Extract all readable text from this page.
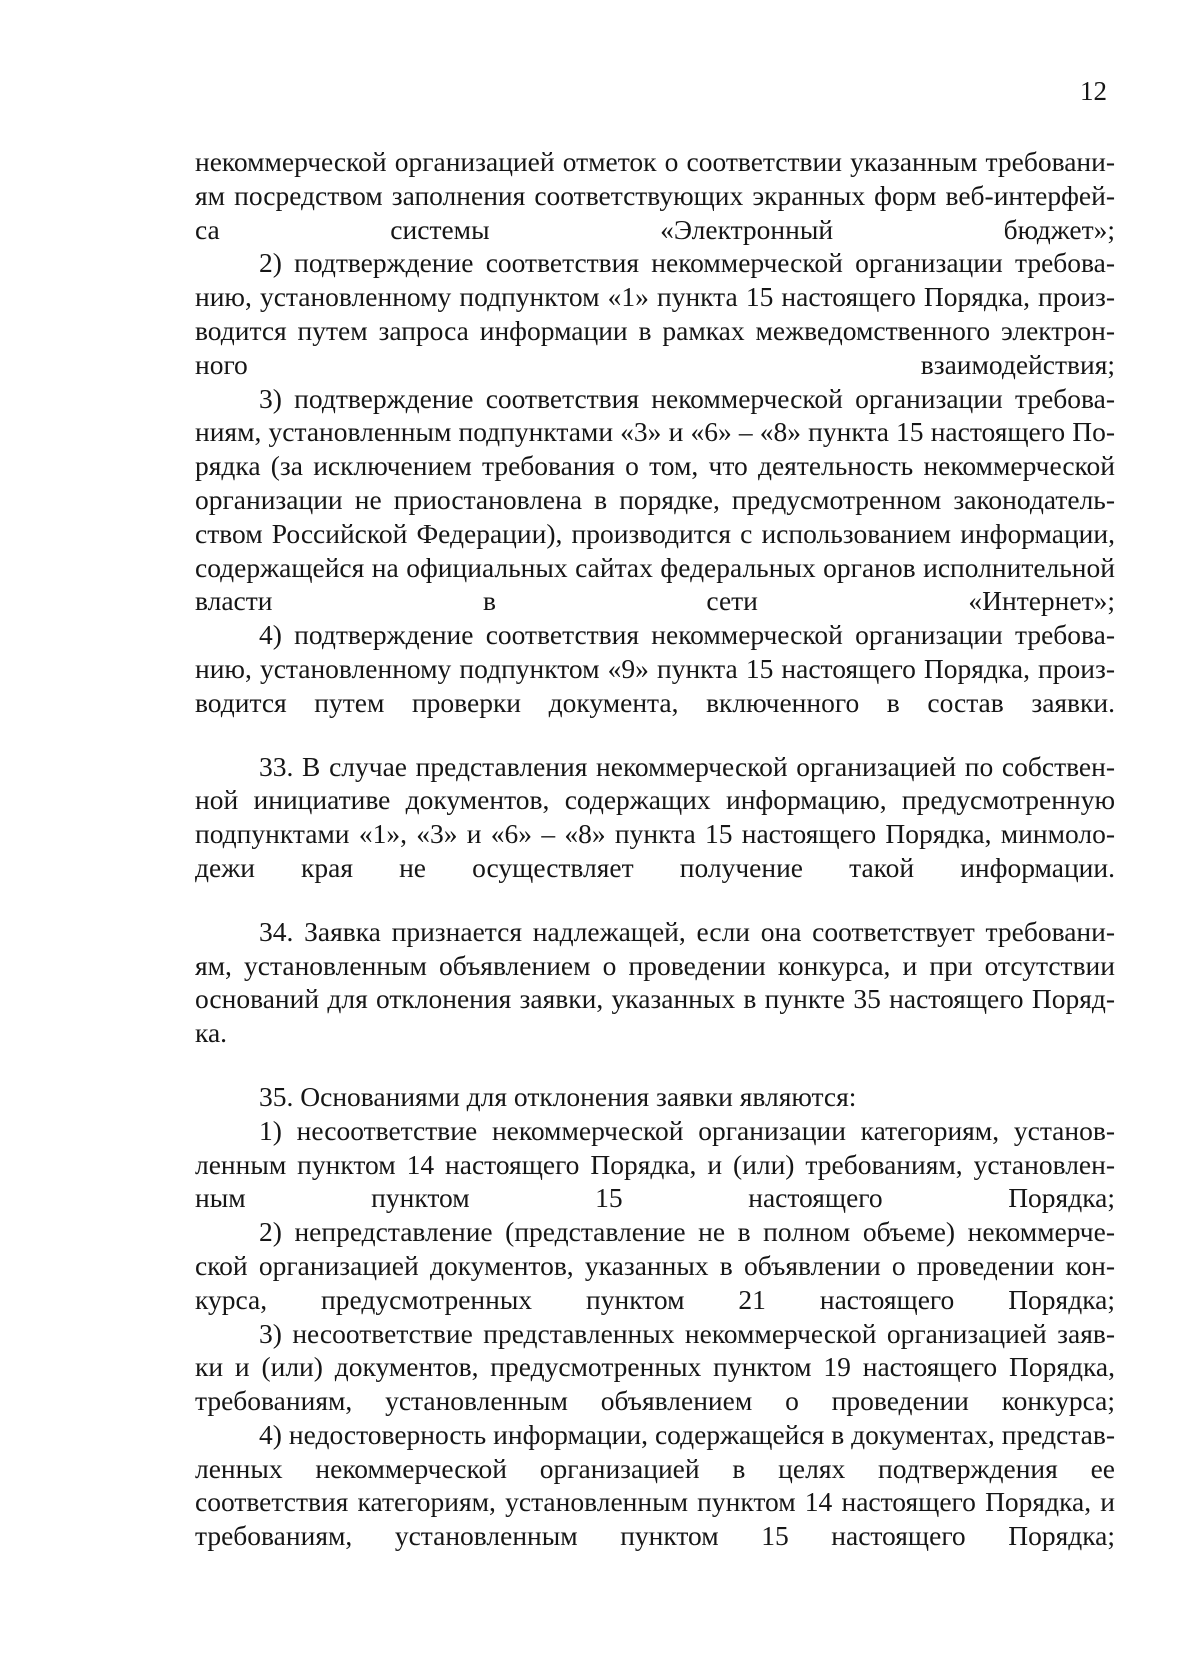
12

некоммерческой организацией отметок о соответствии указанным требовани- ям посредством заполнения соответствующих экранных форм веб-интерфей- са системы «Электронный бюджет»;

2) подтверждение соответствия некоммерческой организации требова- нию, установленному подпунктом «1» пункта 15 настоящего Порядка, произ- водится путем запроса информации в рамках межведомственного электрон- ного взаимодействия;

3) подтверждение соответствия некоммерческой организации требова- ниям, установленным подпунктами «3» и «6» – «8» пункта 15 настоящего По- рядка (за исключением требования о том, что деятельность некоммерческой организации не приостановлена в порядке, предусмотренном законодатель- ством Российской Федерации), производится с использованием информации, содержащейся на официальных сайтах федеральных органов исполнительной власти в сети «Интернет»;

4) подтверждение соответствия некоммерческой организации требова- нию, установленному подпунктом «9» пункта 15 настоящего Порядка, произ- водится путем проверки документа, включенного в состав заявки.

33. В случае представления некоммерческой организацией по собствен- ной инициативе документов, содержащих информацию, предусмотренную подпунктами «1», «3» и «6» – «8» пункта 15 настоящего Порядка, минмоло- дежи края не осуществляет получение такой информации.

34. Заявка признается надлежащей, если она соответствует требовани- ям, установленным объявлением о проведении конкурса, и при отсутствии оснований для отклонения заявки, указанных в пункте 35 настоящего Поряд- ка.

35. Основаниями для отклонения заявки являются:

1) несоответствие некоммерческой организации категориям, установ- ленным пунктом 14 настоящего Порядка, и (или) требованиям, установлен- ным пунктом 15 настоящего Порядка;

2) непредставление (представление не в полном объеме) некоммерче- ской организацией документов, указанных в объявлении о проведении кон- курса, предусмотренных пунктом 21 настоящего Порядка;

3) несоответствие представленных некоммерческой организацией заяв- ки и (или) документов, предусмотренных пунктом 19 настоящего Порядка, требованиям, установленным объявлением о проведении конкурса;

4) недостоверность информации, содержащейся в документах, представ- ленных некоммерческой организацией в целях подтверждения ее соответствия категориям, установленным пунктом 14 настоящего Порядка, и требованиям, установленным пунктом 15 настоящего Порядка;
